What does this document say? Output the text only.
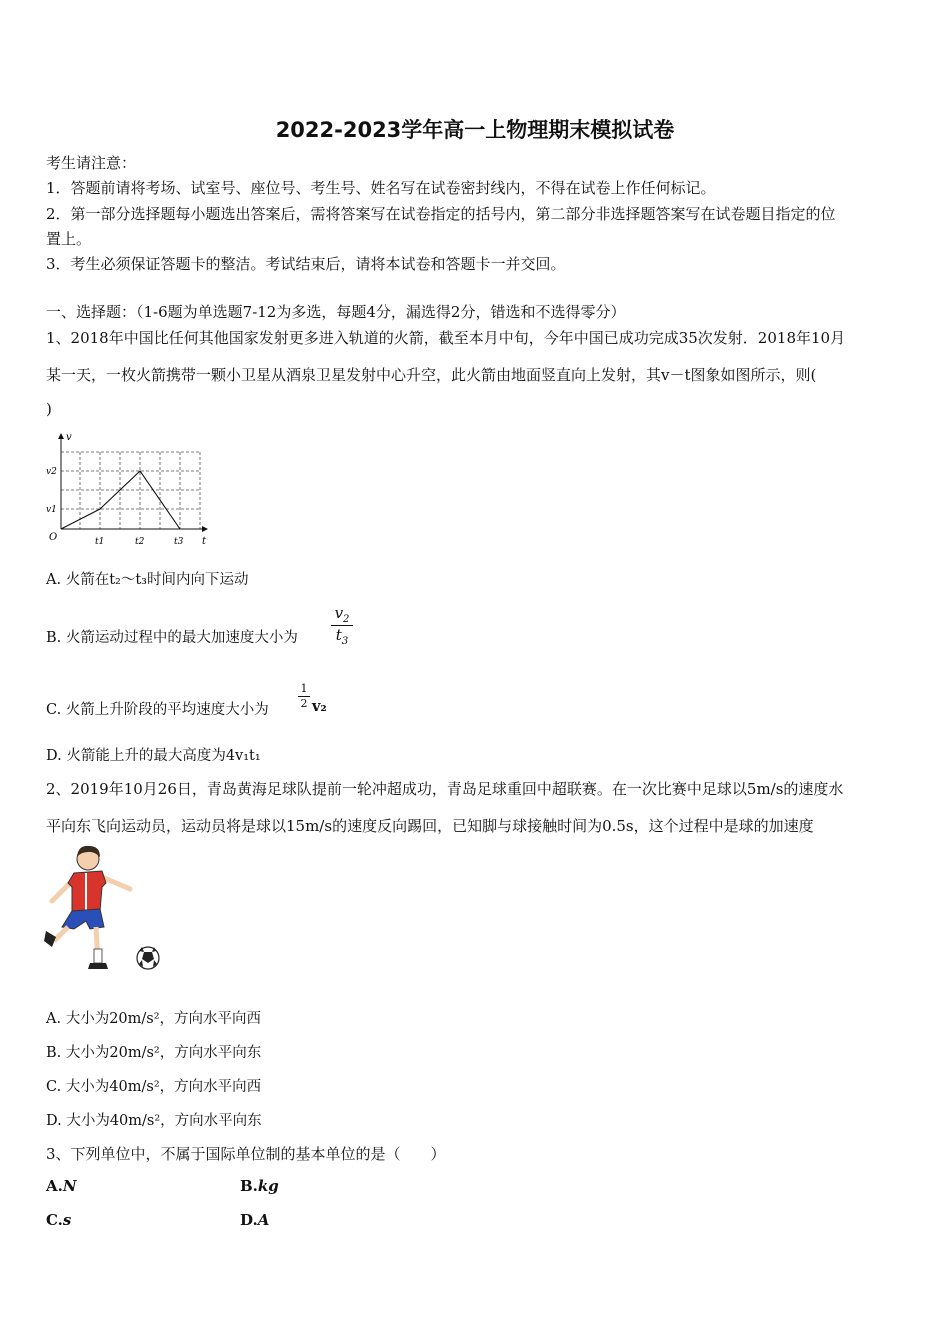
2022-2023学年高一上物理期末模拟试卷
考生请注意：
1．答题前请将考场、试室号、座位号、考生号、姓名写在试卷密封线内，不得在试卷上作任何标记。
2．第一部分选择题每小题选出答案后，需将答案写在试卷指定的括号内，第二部分非选择题答案写在试卷题目指定的位
置上。
3．考生必须保证答题卡的整洁。考试结束后，请将本试卷和答题卡一并交回。
一、选择题：（1-6题为单选题7-12为多选，每题4分，漏选得2分，错选和不选得零分）
1、2018年中国比任何其他国家发射更多进入轨道的火箭，截至本月中旬，今年中国已成功完成35次发射．2018年10月
某一天，一枚火箭携带一颗小卫星从酒泉卫星发射中心升空，此火箭由地面竖直向上发射，其v－t图象如图所示，则(
)
v
v2
v1
O	t1	t2	t3 t
A. 火箭在t₂～t₃时间内向下运动
B. 火箭运动过程中的最大加速度大小为
$v_2$
$t_3$
C. 火箭上升阶段的平均速度大小为
1
2 v₂
D. 火箭能上升的最大高度为4v₁t₁
2、2019年10月26日，青岛黄海足球队提前一轮冲超成功，青岛足球重回中超联赛。在一次比赛中足球以5m/s的速度水
平向东飞向运动员，运动员将是球以15m/s的速度反向踢回，已知脚与球接触时间为0.5s，这个过程中是球的加速度
A. 大小为20m/s²，方向水平向西
B. 大小为20m/s²，方向水平向东
C. 大小为40m/s²，方向水平向西
D. 大小为40m/s²，方向水平向东
3、下列单位中，不属于国际单位制的基本单位的是（　　）
A.N	B.kg
C.s	D.A
